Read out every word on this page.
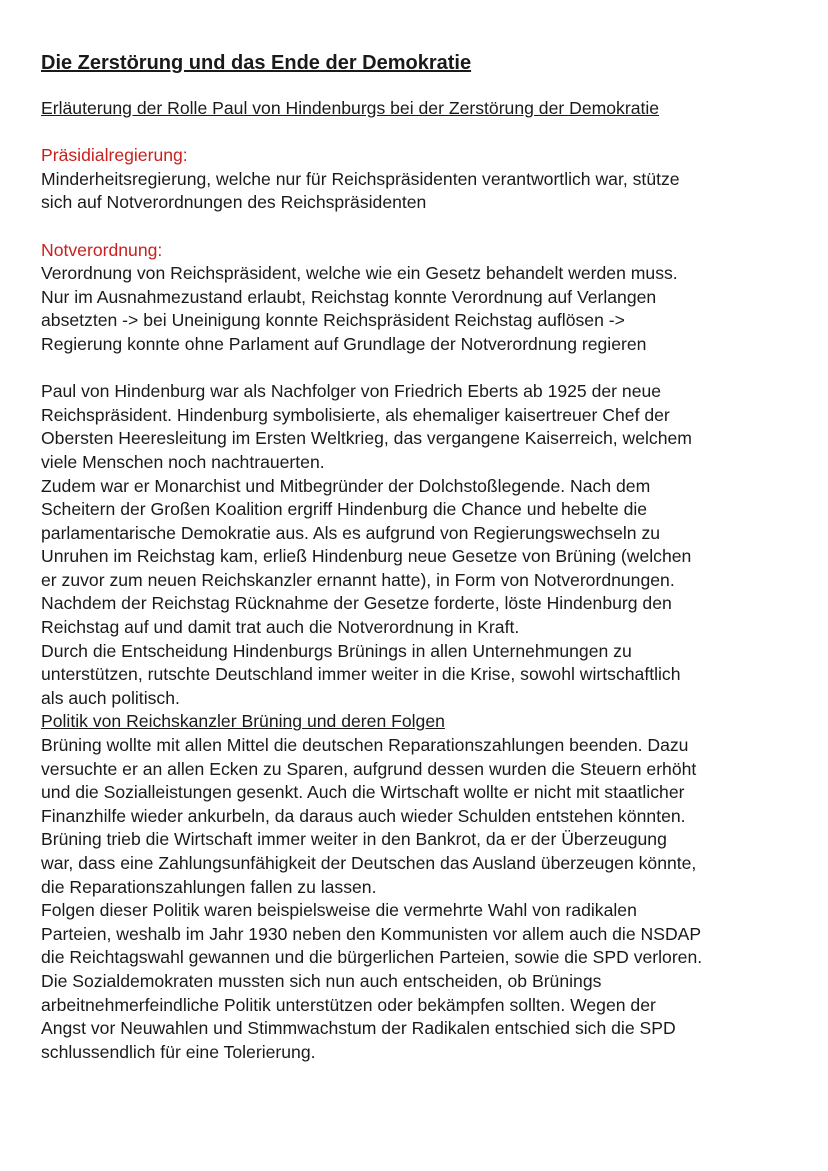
Die Zerstörung und das Ende der Demokratie

Erläuterung der Rolle Paul von Hindenburgs bei der Zerstörung der Demokratie

Präsidialregierung:

Minderheitsregierung, welche nur für Reichspräsidenten verantwortlich war, stütze
sich auf Notverordnungen des Reichspräsidenten

Notverordnung:

Verordnung von Reichspräsident, welche wie ein Gesetz behandelt werden muss.
Nur im Ausnahmezustand erlaubt, Reichstag konnte Verordnung auf Verlangen
absetzten -> bei Uneinigung konnte Reichspräsident Reichstag auflösen ->
Regierung konnte ohne Parlament auf Grundlage der Notverordnung regieren

Paul von Hindenburg war als Nachfolger von Friedrich Eberts ab 1925 der neue
Reichspräsident. Hindenburg symbolisierte, als ehemaliger kaisertreuer Chef der
Obersten Heeresleitung im Ersten Weltkrieg, das vergangene Kaiserreich, welchem
viele Menschen noch nachtrauerten.
Zudem war er Monarchist und Mitbegründer der Dolchstoßlegende. Nach dem
Scheitern der Großen Koalition ergriff Hindenburg die Chance und hebelte die
parlamentarische Demokratie aus. Als es aufgrund von Regierungswechseln zu
Unruhen im Reichstag kam, erließ Hindenburg neue Gesetze von Brüning (welchen
er zuvor zum neuen Reichskanzler ernannt hatte), in Form von Notverordnungen.
Nachdem der Reichstag Rücknahme der Gesetze forderte, löste Hindenburg den
Reichstag auf und damit trat auch die Notverordnung in Kraft.
Durch die Entscheidung Hindenburgs Brünings in allen Unternehmungen zu
unterstützen, rutschte Deutschland immer weiter in die Krise, sowohl wirtschaftlich
als auch politisch.

Politik von Reichskanzler Brüning und deren Folgen

Brüning wollte mit allen Mittel die deutschen Reparationszahlungen beenden. Dazu
versuchte er an allen Ecken zu Sparen, aufgrund dessen wurden die Steuern erhöht
und die Sozialleistungen gesenkt. Auch die Wirtschaft wollte er nicht mit staatlicher
Finanzhilfe wieder ankurbeln, da daraus auch wieder Schulden entstehen könnten.
Brüning trieb die Wirtschaft immer weiter in den Bankrot, da er der Überzeugung
war, dass eine Zahlungsunfähigkeit der Deutschen das Ausland überzeugen könnte,
die Reparationszahlungen fallen zu lassen.
Folgen dieser Politik waren beispielsweise die vermehrte Wahl von radikalen
Parteien, weshalb im Jahr 1930 neben den Kommunisten vor allem auch die NSDAP
die Reichtagswahl gewannen und die bürgerlichen Parteien, sowie die SPD verloren.
Die Sozialdemokraten mussten sich nun auch entscheiden, ob Brünings
arbeitnehmerfeindliche Politik unterstützen oder bekämpfen sollten. Wegen der
Angst vor Neuwahlen und Stimmwachstum der Radikalen entschied sich die SPD
schlussendlich für eine Tolerierung.
